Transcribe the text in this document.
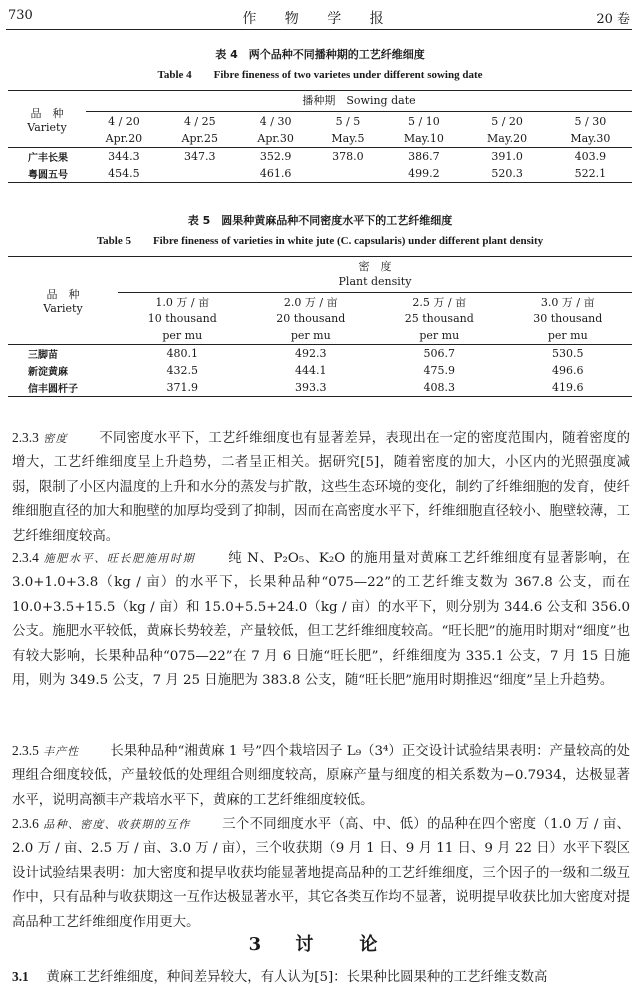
730	作 物 学 报	20 卷
表 4　两个品种不同播种期的工艺纤维细度
Table 4　　Fibre fineness of two varietes under different sowing date
品　种
Variety	播种期　Sowing date						

	4 / 20	4 / 25	4 / 30	5 / 5	5 / 10	5 / 20	5 / 30
	Apr.20	Apr.25	Apr.30	May.5	May.10	May.20	May.30
广丰长果	344.3	347.3	352.9	378.0	386.7	391.0	403.9
粤圆五号	454.5		461.6		499.2	520.3	522.1
表 5　圆果种黄麻品种不同密度水平下的工艺纤维细度
Table 5　　Fibre fineness of varieties in white jute (C. capsularis) under different plant density
品　种
Variety	密　度			
	Plant density			

	1.0 万 / 亩	2.0 万 / 亩	2.5 万 / 亩	3.0 万 / 亩
	10 thousand	20 thousand	25 thousand	30 thousand
	per mu	per mu	per mu	per mu
三脚苗	480.1	492.3	506.7	530.5
新淀黄麻	432.5	444.1	475.9	496.6
信丰圆杆子	371.9	393.3	408.3	419.6

2.3.3 密度　　 不同密度水平下，工艺纤维细度也有显著差异，表现出在一定的密度范围内，随着密度的增大，工艺纤维细度呈上升趋势，二者呈正相关。据研究[5]，随着密度的加大，小区内的光照强度减弱，限制了小区内温度的上升和水分的蒸发与扩散，这些生态环境的变化，制约了纤维细胞的发育，使纤维细胞直径的加大和胞壁的加厚均受到了抑制，因而在高密度水平下，纤维细胞直径较小、胞壁较薄，工艺纤维细度较高。

2.3.4 施肥水平、旺长肥施用时期　　 纯 N、P₂O₅、K₂O 的施用量对黄麻工艺纤维细度有显著影响，在 3.0+1.0+3.8（kg / 亩）的水平下，长果种品种“075—22”的工艺纤维支数为 367.8 公支，而在 10.0+3.5+15.5（kg / 亩）和 15.0+5.5+24.0（kg / 亩）的水平下，则分别为 344.6 公支和 356.0 公支。施肥水平较低，黄麻长势较差，产量较低，但工艺纤维细度较高。“旺长肥”的施用时期对“细度”也有较大影响，长果种品种“075—22”在 7 月 6 日施“旺长肥”，纤维细度为 335.1 公支，7 月 15 日施用，则为 349.5 公支，7 月 25 日施肥为 383.8 公支，随“旺长肥”施用时期推迟“细度”呈上升趋势。

2.3.5 丰产性　　 长果种品种“湘黄麻 1 号”四个栽培因子 L₉（3⁴）正交设计试验结果表明：产量较高的处理组合细度较低，产量较低的处理组合则细度较高，原麻产量与细度的相关系数为−0.7934，达极显著水平，说明高额丰产栽培水平下，黄麻的工艺纤维细度较低。

2.3.6 品种、密度、收获期的互作　　 三个不同细度水平（高、中、低）的品种在四个密度（1.0 万 / 亩、2.0 万 / 亩、2.5 万 / 亩、3.0 万 / 亩），三个收获期（9 月 1 日、9 月 11 日、9 月 22 日）水平下裂区设计试验结果表明：加大密度和提早收获均能显著地提高品种的工艺纤维细度，三个因子的一级和二级互作中，只有品种与收获期这一互作达极显著水平，其它各类互作均不显著，说明提早收获比加大密度对提高品种工艺纤维细度作用更大。

3 讨　论
3.1　 黄麻工艺纤维细度，种间差异较大，有人认为[5]：长果种比圆果种的工艺纤维支数高
